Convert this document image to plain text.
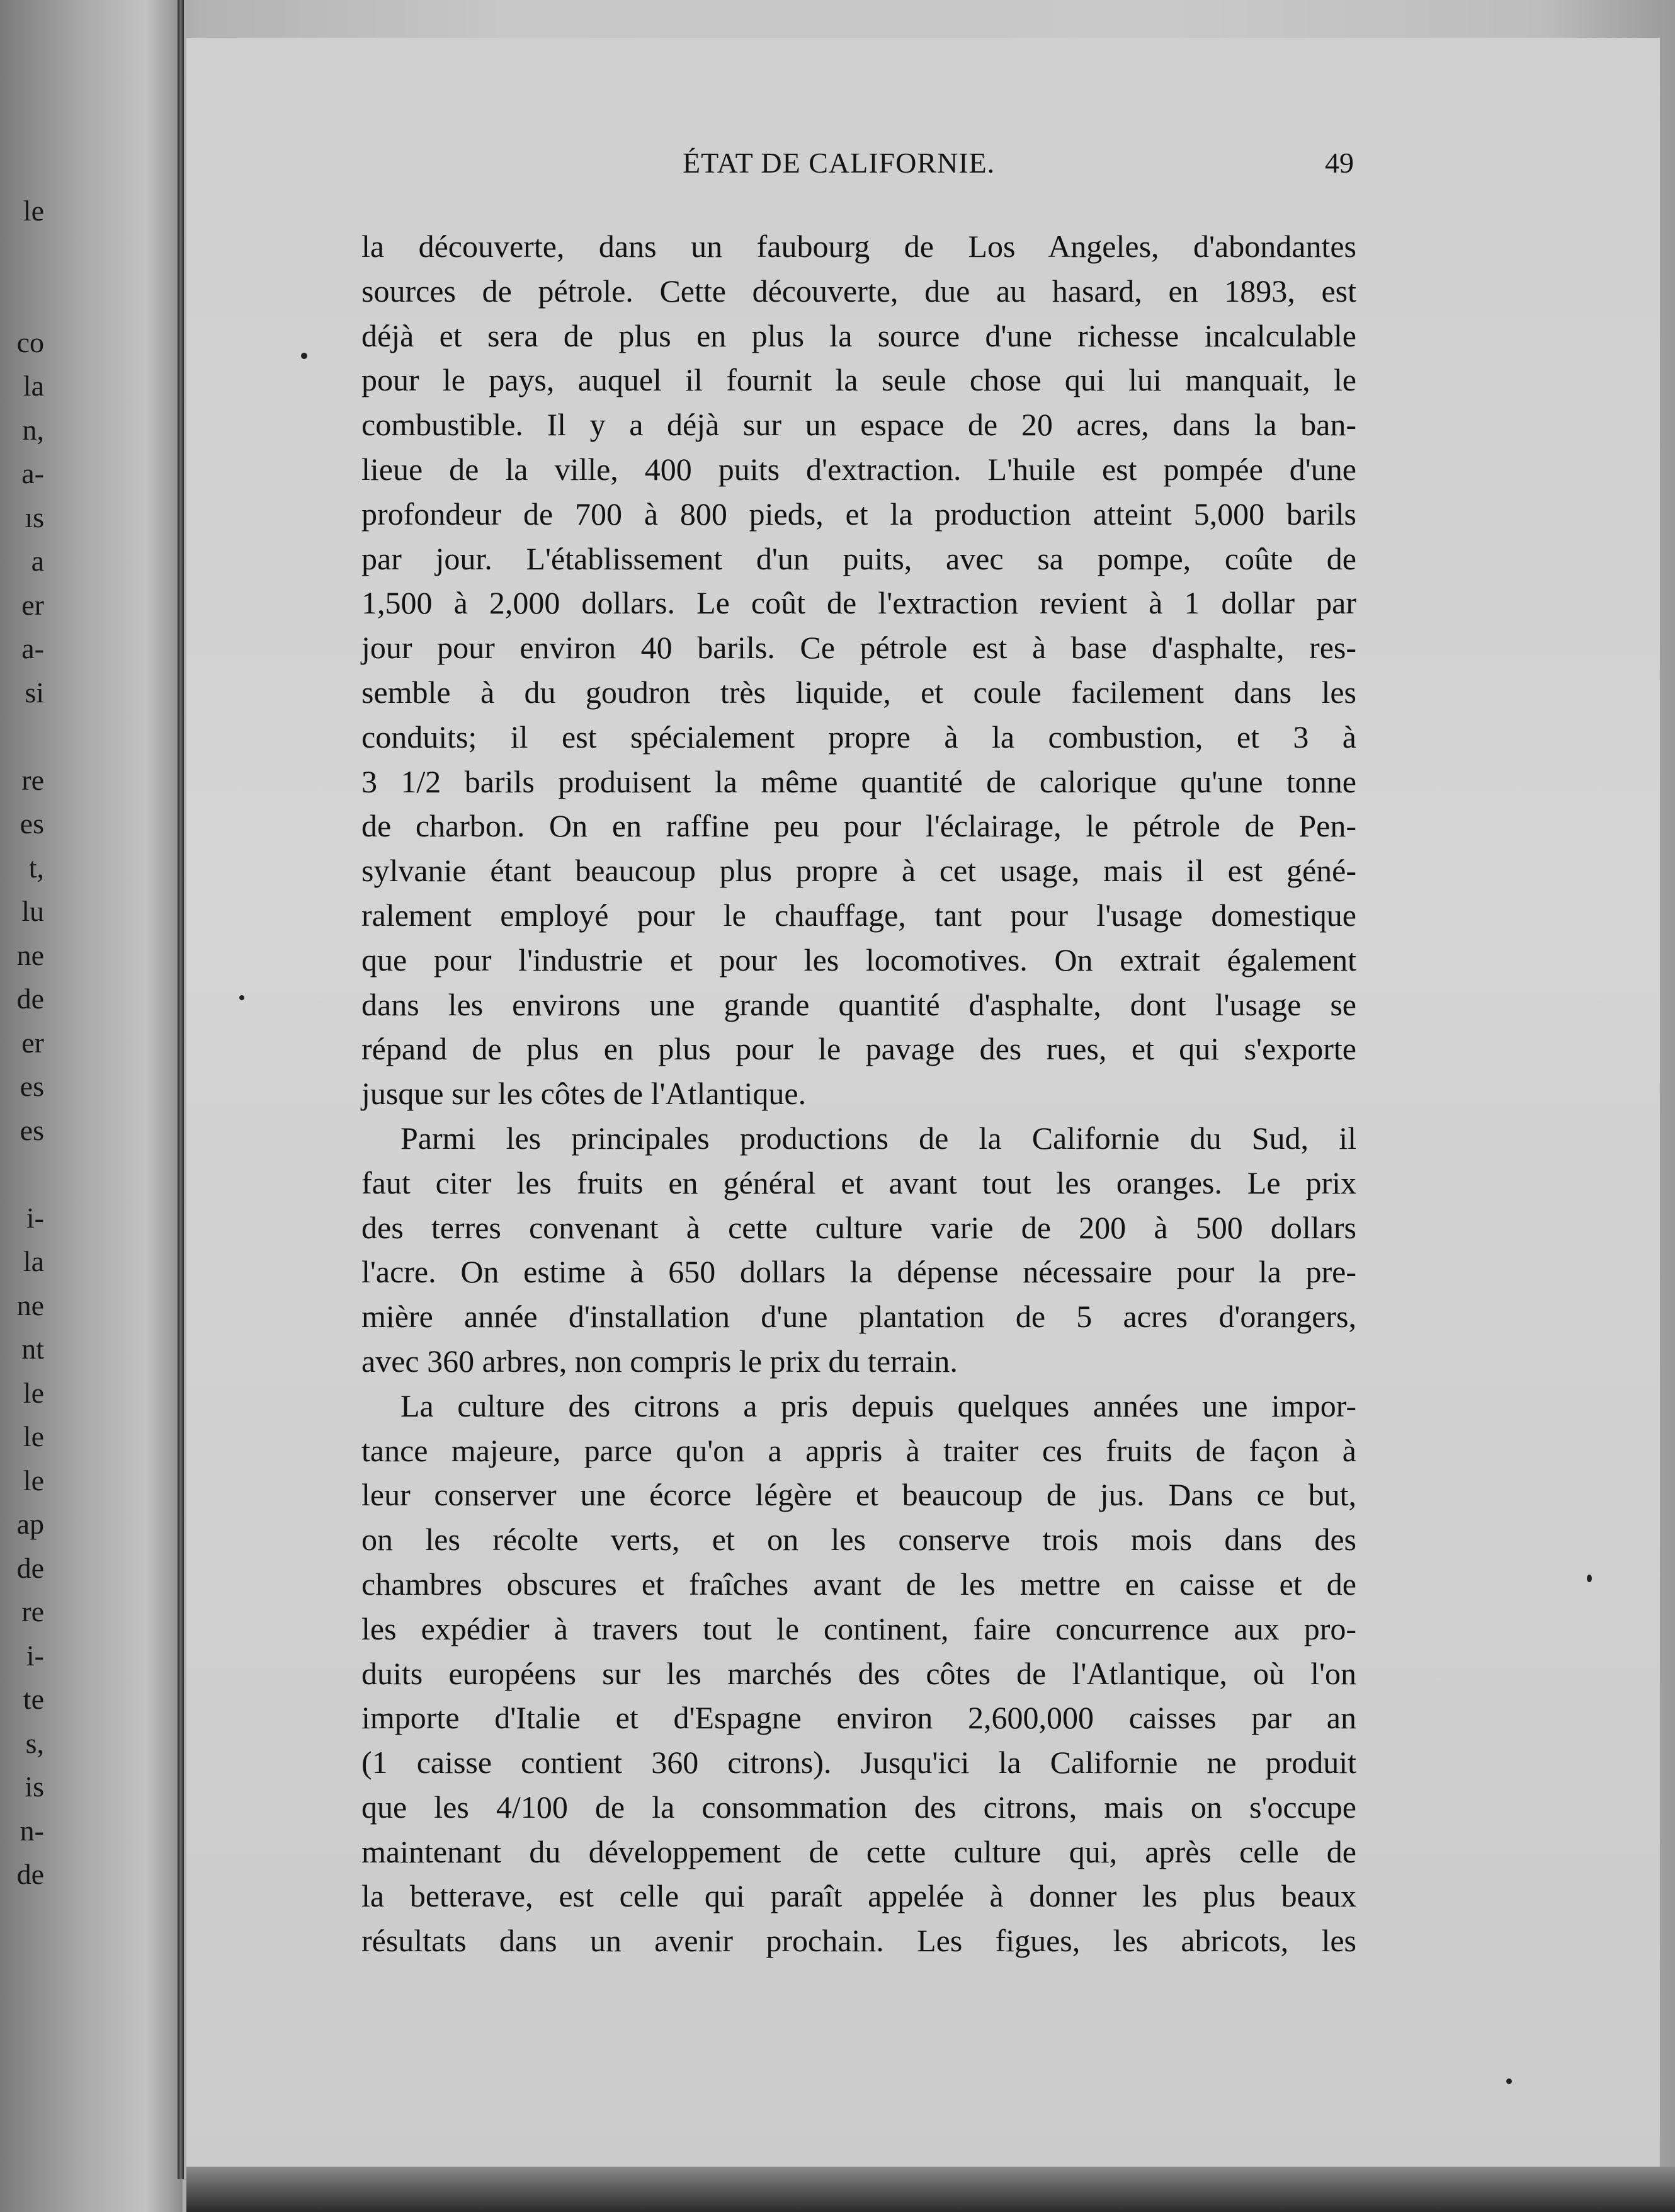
le
co
la
n,
a-
ıs
a
er
a-
si
re
es
t,
lu
ne
de
er
es
es
i-
la
ne
nt
le
le
le
ap
de
re
i-
te
s,
is
n-
de
ÉTAT DE CALIFORNIE.	49
la découverte, dans un faubourg de Los Angeles, d'abondantes
sources de pétrole. Cette découverte, due au hasard, en 1893, est
déjà et sera de plus en plus la source d'une richesse incalculable
pour le pays, auquel il fournit la seule chose qui lui manquait, le
combustible. Il y a déjà sur un espace de 20 acres, dans la ban-
lieue de la ville, 400 puits d'extraction. L'huile est pompée d'une
profondeur de 700 à 800 pieds, et la production atteint 5,000 barils
par jour. L'établissement d'un puits, avec sa pompe, coûte de
1,500 à 2,000 dollars. Le coût de l'extraction revient à 1 dollar par
jour pour environ 40 barils. Ce pétrole est à base d'asphalte, res-
semble à du goudron très liquide, et coule facilement dans les
conduits; il est spécialement propre à la combustion, et 3 à
3 1/2 barils produisent la même quantité de calorique qu'une tonne
de charbon. On en raffine peu pour l'éclairage, le pétrole de Pen-
sylvanie étant beaucoup plus propre à cet usage, mais il est géné-
ralement employé pour le chauffage, tant pour l'usage domestique
que pour l'industrie et pour les locomotives. On extrait également
dans les environs une grande quantité d'asphalte, dont l'usage se
répand de plus en plus pour le pavage des rues, et qui s'exporte
jusque sur les côtes de l'Atlantique.
Parmi les principales productions de la Californie du Sud, il
faut citer les fruits en général et avant tout les oranges. Le prix
des terres convenant à cette culture varie de 200 à 500 dollars
l'acre. On estime à 650 dollars la dépense nécessaire pour la pre-
mière année d'installation d'une plantation de 5 acres d'orangers,
avec 360 arbres, non compris le prix du terrain.
La culture des citrons a pris depuis quelques années une impor-
tance majeure, parce qu'on a appris à traiter ces fruits de façon à
leur conserver une écorce légère et beaucoup de jus. Dans ce but,
on les récolte verts, et on les conserve trois mois dans des
chambres obscures et fraîches avant de les mettre en caisse et de
les expédier à travers tout le continent, faire concurrence aux pro-
duits européens sur les marchés des côtes de l'Atlantique, où l'on
importe d'Italie et d'Espagne environ 2,600,000 caisses par an
(1 caisse contient 360 citrons). Jusqu'ici la Californie ne produit
que les 4/100 de la consommation des citrons, mais on s'occupe
maintenant du développement de cette culture qui, après celle de
la betterave, est celle qui paraît appelée à donner les plus beaux
résultats dans un avenir prochain. Les figues, les abricots, les
